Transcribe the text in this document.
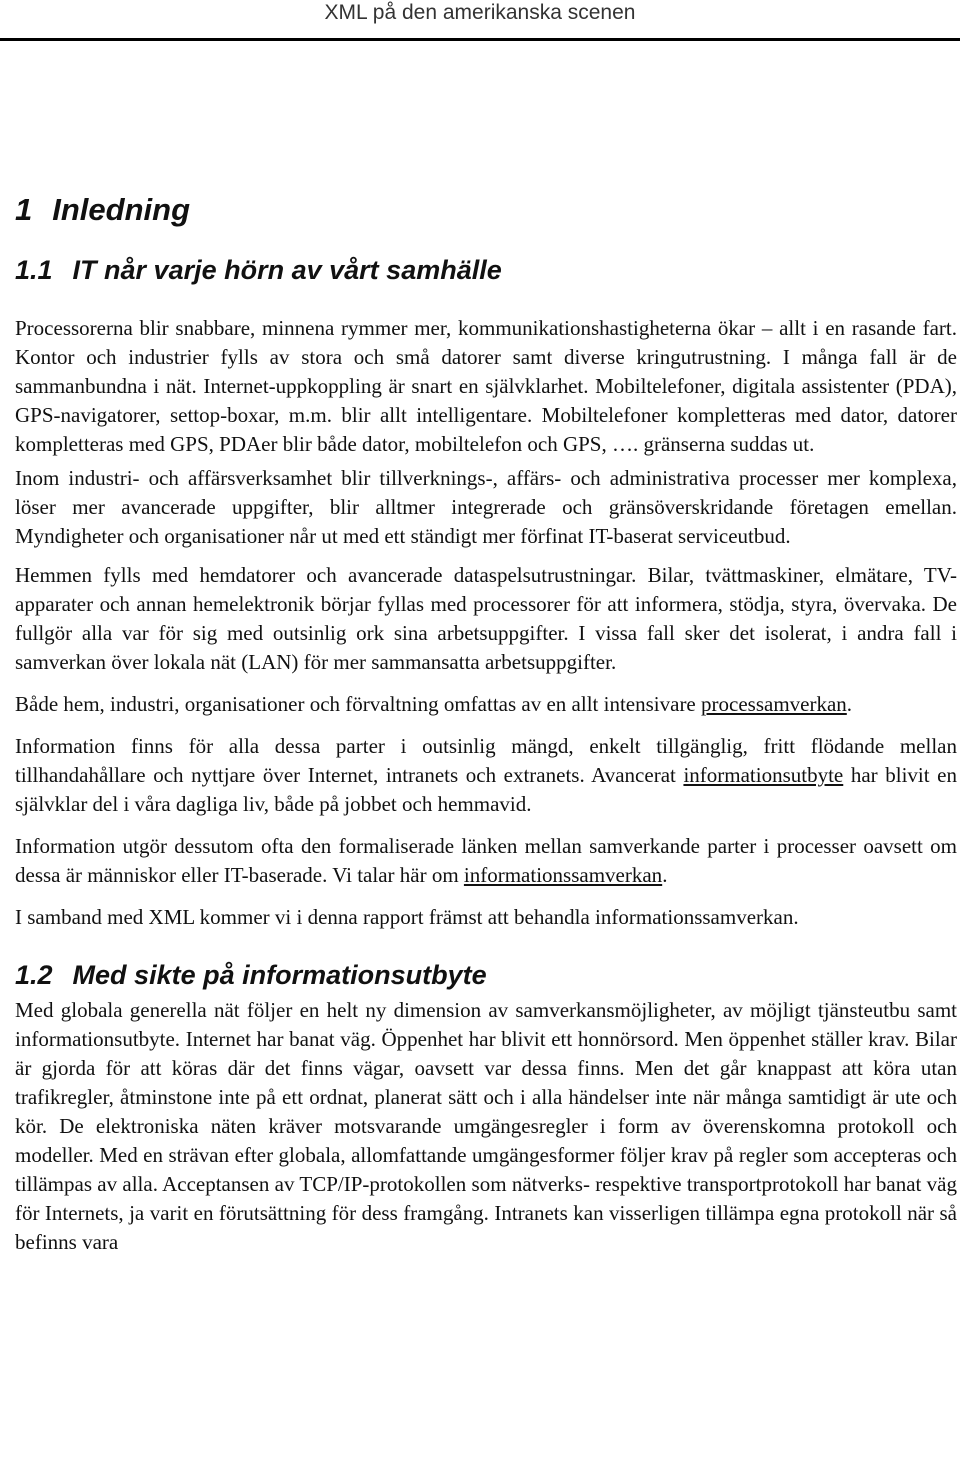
XML på den amerikanska scenen
1 Inledning
1.1 IT når varje hörn av vårt samhälle

Processorerna blir snabbare, minnena rymmer mer, kommunikationshastigheterna ökar – allt i en rasande fart. Kontor och industrier fylls av stora och små datorer samt diverse kringutrustning. I många fall är de sammanbundna i nät. Internet-uppkoppling är snart en självklarhet. Mobiltelefoner, digitala assistenter (PDA), GPS-navigatorer, settop-boxar, m.m. blir allt intelligentare. Mobiltelefoner kompletteras med dator, datorer kompletteras med GPS, PDAer blir både dator, mobiltelefon och GPS, …. gränserna suddas ut.

Inom industri- och affärsverksamhet blir tillverknings-, affärs- och administrativa processer mer komplexa, löser mer avancerade uppgifter, blir alltmer integrerade och gränsöverskridande företagen emellan. Myndigheter och organisationer når ut med ett ständigt mer förfinat IT-baserat serviceutbud.

Hemmen fylls med hemdatorer och avancerade dataspelsutrustningar. Bilar, tvättmaskiner, elmätare, TV-apparater och annan hemelektronik börjar fyllas med processorer för att informera, stödja, styra, övervaka. De fullgör alla var för sig med outsinlig ork sina arbetsuppgifter. I vissa fall sker det isolerat, i andra fall i samverkan över lokala nät (LAN) för mer sammansatta arbetsuppgifter.

Både hem, industri, organisationer och förvaltning omfattas av en allt intensivare processamverkan.

Information finns för alla dessa parter i outsinlig mängd, enkelt tillgänglig, fritt flödande mellan tillhandahållare och nyttjare över Internet, intranets och extranets. Avancerat informationsutbyte har blivit en självklar del i våra dagliga liv, både på jobbet och hemmavid.

Information utgör dessutom ofta den formaliserade länken mellan samverkande parter i processer oavsett om dessa är människor eller IT-baserade. Vi talar här om informationssamverkan.

I samband med XML kommer vi i denna rapport främst att behandla informationssamverkan.

1.2 Med sikte på informationsutbyte

Med globala generella nät följer en helt ny dimension av samverkansmöjligheter, av möjligt tjänsteutbu samt informationsutbyte. Internet har banat väg. Öppenhet har blivit ett honnörsord. Men öppenhet ställer krav. Bilar är gjorda för att köras där det finns vägar, oavsett var dessa finns. Men det går knappast att köra utan trafikregler, åtminstone inte på ett ordnat, planerat sätt och i alla händelser inte när många samtidigt är ute och kör. De elektroniska näten kräver motsvarande umgängesregler i form av överenskomna protokoll och modeller. Med en strävan efter globala, allomfattande umgängesformer följer krav på regler som accepteras och tillämpas av alla. Acceptansen av TCP/IP-protokollen som nätverks- respektive transportprotokoll har banat väg för Internets, ja varit en förutsättning för dess framgång. Intranets kan visserligen tillämpa egna protokoll när så befinns vara
